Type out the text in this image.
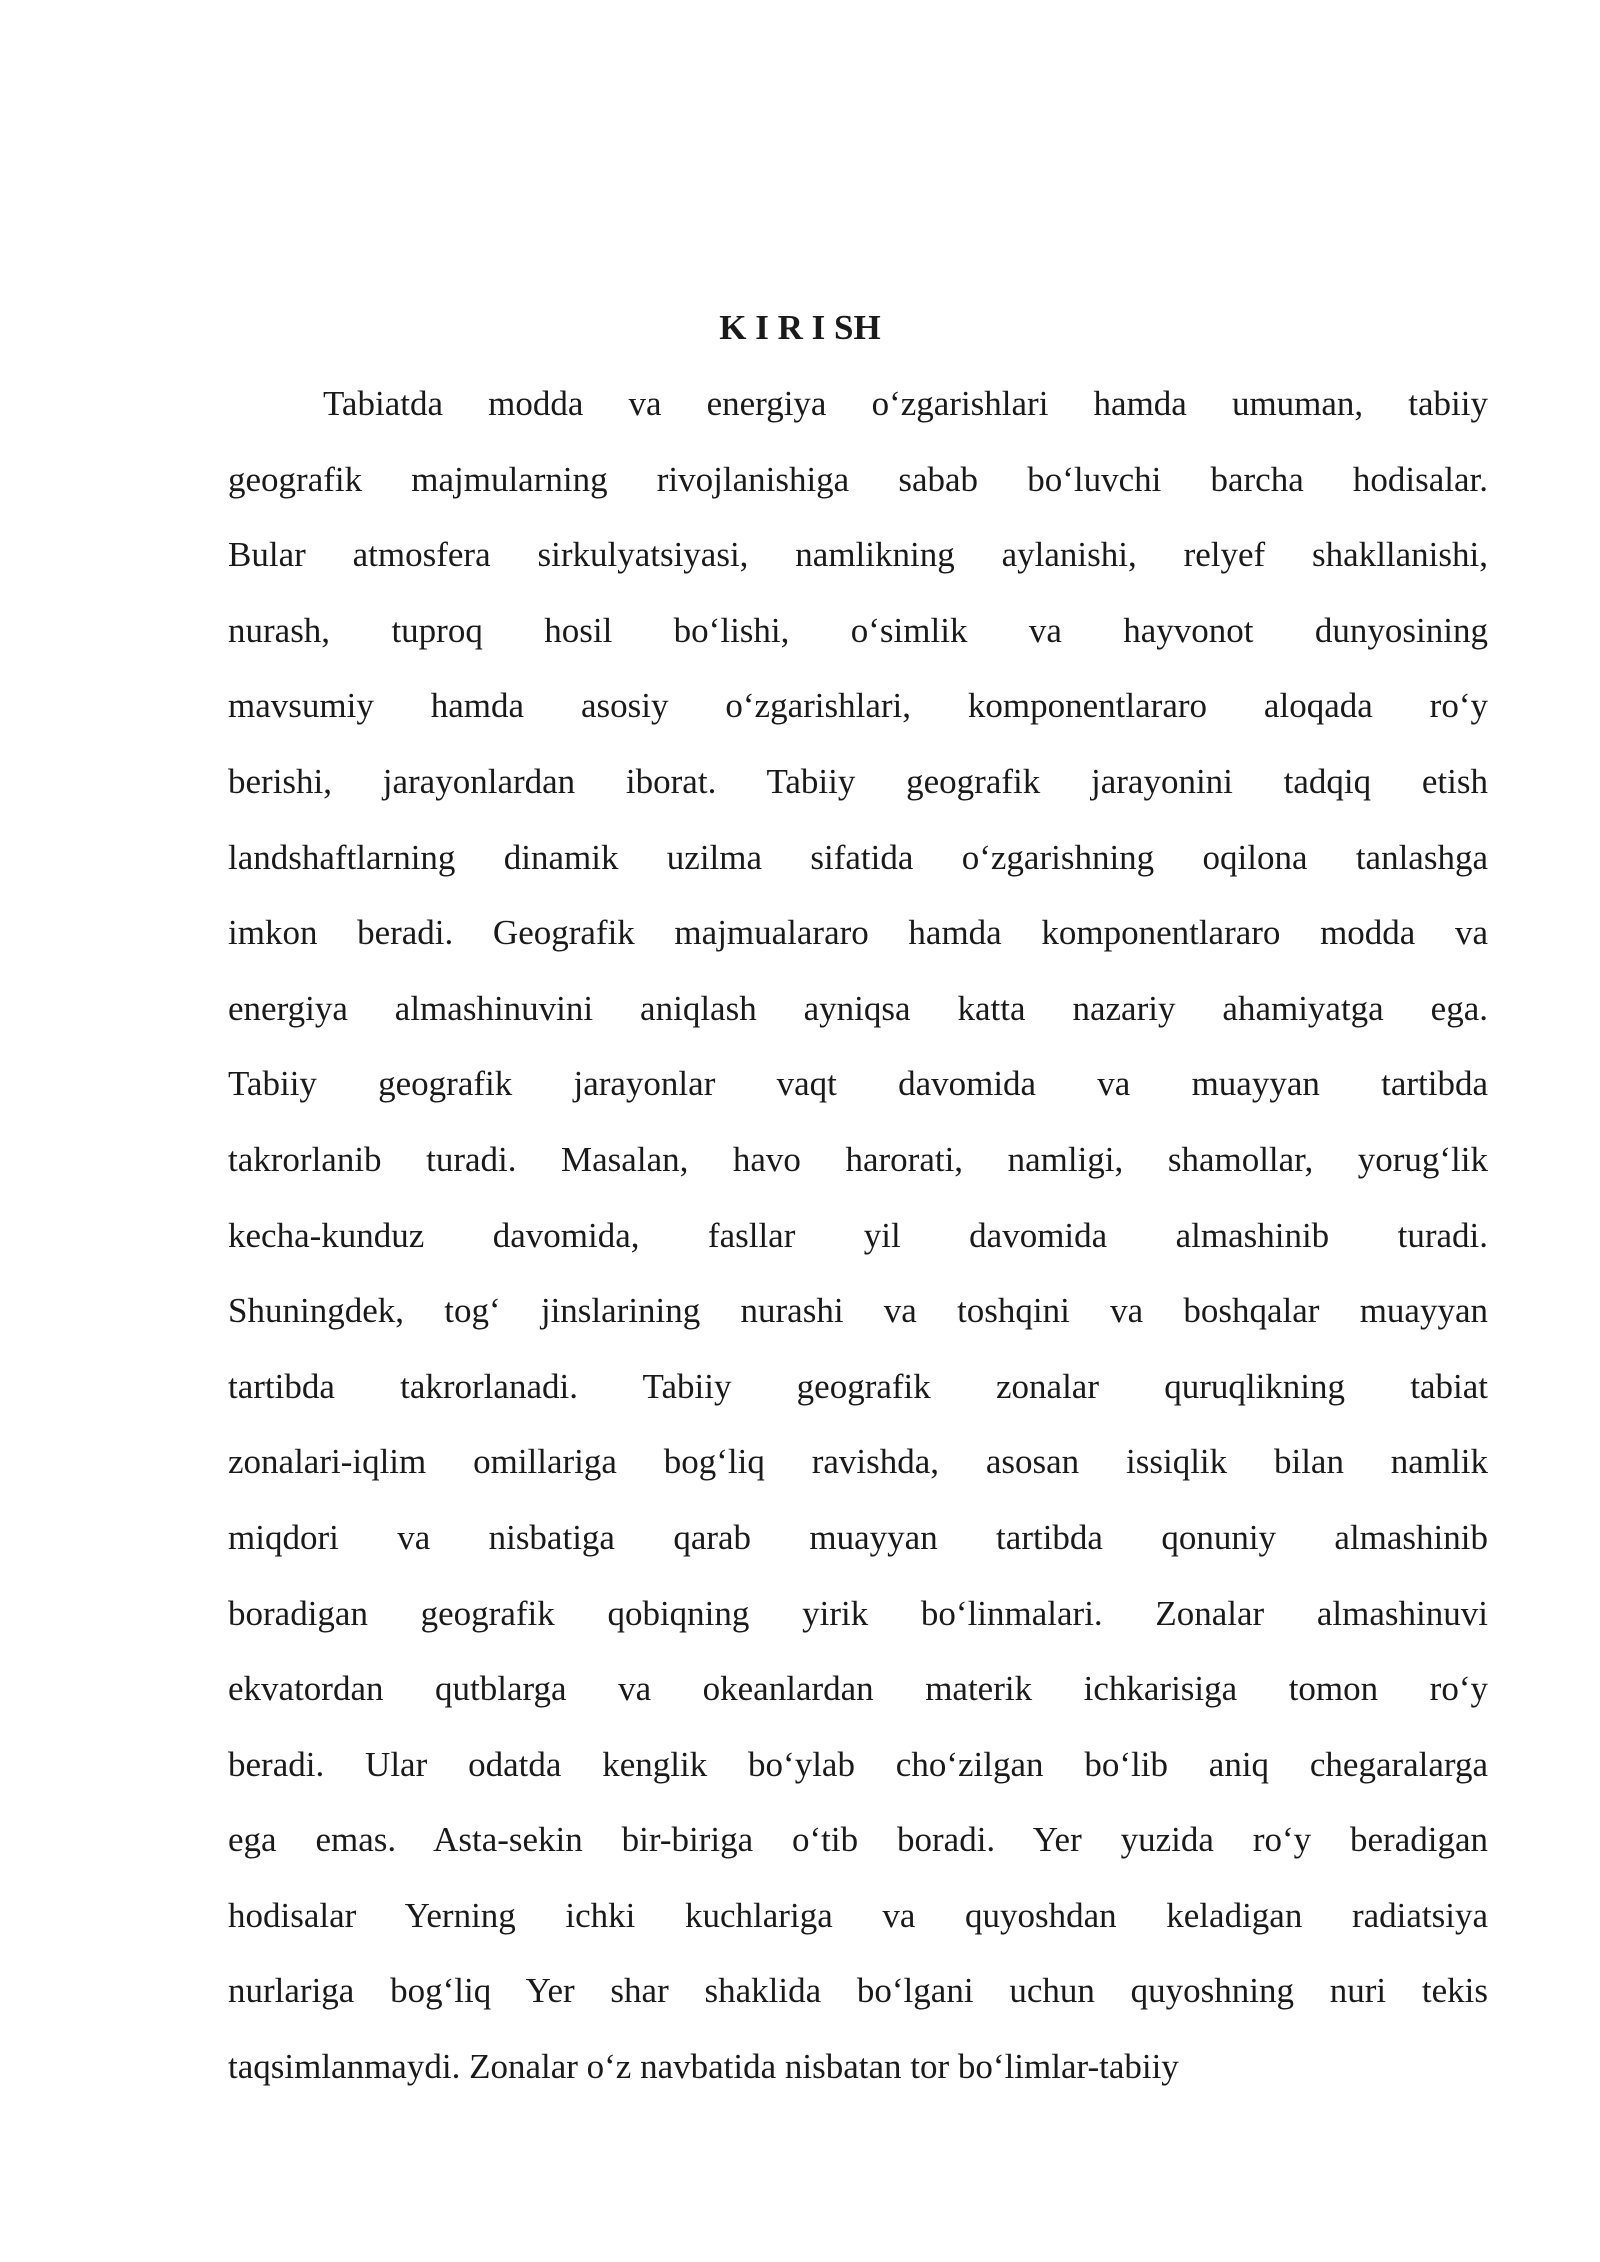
K I R I SH
Tabiatda modda va energiya o‘zgarishlari hamda umuman, tabiiy
geografik majmularning rivojlanishiga sabab bo‘luvchi barcha hodisalar.
Bular atmosfera sirkulyatsiyasi, namlikning aylanishi, relyef shakllanishi,
nurash, tuproq hosil bo‘lishi, o‘simlik va hayvonot dunyosining
mavsumiy hamda asosiy o‘zgarishlari, komponentlararo aloqada ro‘y
berishi, jarayonlardan iborat. Tabiiy geografik jarayonini tadqiq etish
landshaftlarning dinamik uzilma sifatida o‘zgarishning oqilona tanlashga
imkon beradi. Geografik majmualararo hamda komponentlararo modda va
energiya almashinuvini aniqlash ayniqsa katta nazariy ahamiyatga ega.
Tabiiy geografik jarayonlar vaqt davomida va muayyan tartibda
takrorlanib turadi. Masalan, havo harorati, namligi, shamollar, yorug‘lik
kecha-kunduz davomida, fasllar yil davomida almashinib turadi.
Shuningdek, tog‘ jinslarining nurashi va toshqini va boshqalar muayyan
tartibda takrorlanadi. Tabiiy geografik zonalar quruqlikning tabiat
zonalari-iqlim omillariga bog‘liq ravishda, asosan issiqlik bilan namlik
miqdori va nisbatiga qarab muayyan tartibda qonuniy almashinib
boradigan geografik qobiqning yirik bo‘linmalari. Zonalar almashinuvi
ekvatordan qutblarga va okeanlardan materik ichkarisiga tomon ro‘y
beradi. Ular odatda kenglik bo‘ylab cho‘zilgan bo‘lib aniq chegaralarga
ega emas. Asta-sekin bir-biriga o‘tib boradi. Yer yuzida ro‘y beradigan
hodisalar Yerning ichki kuchlariga va quyoshdan keladigan radiatsiya
nurlariga bog‘liq Yer shar shaklida bo‘lgani uchun quyoshning nuri tekis
taqsimlanmaydi. Zonalar o‘z navbatida nisbatan tor bo‘limlar-tabiiy
